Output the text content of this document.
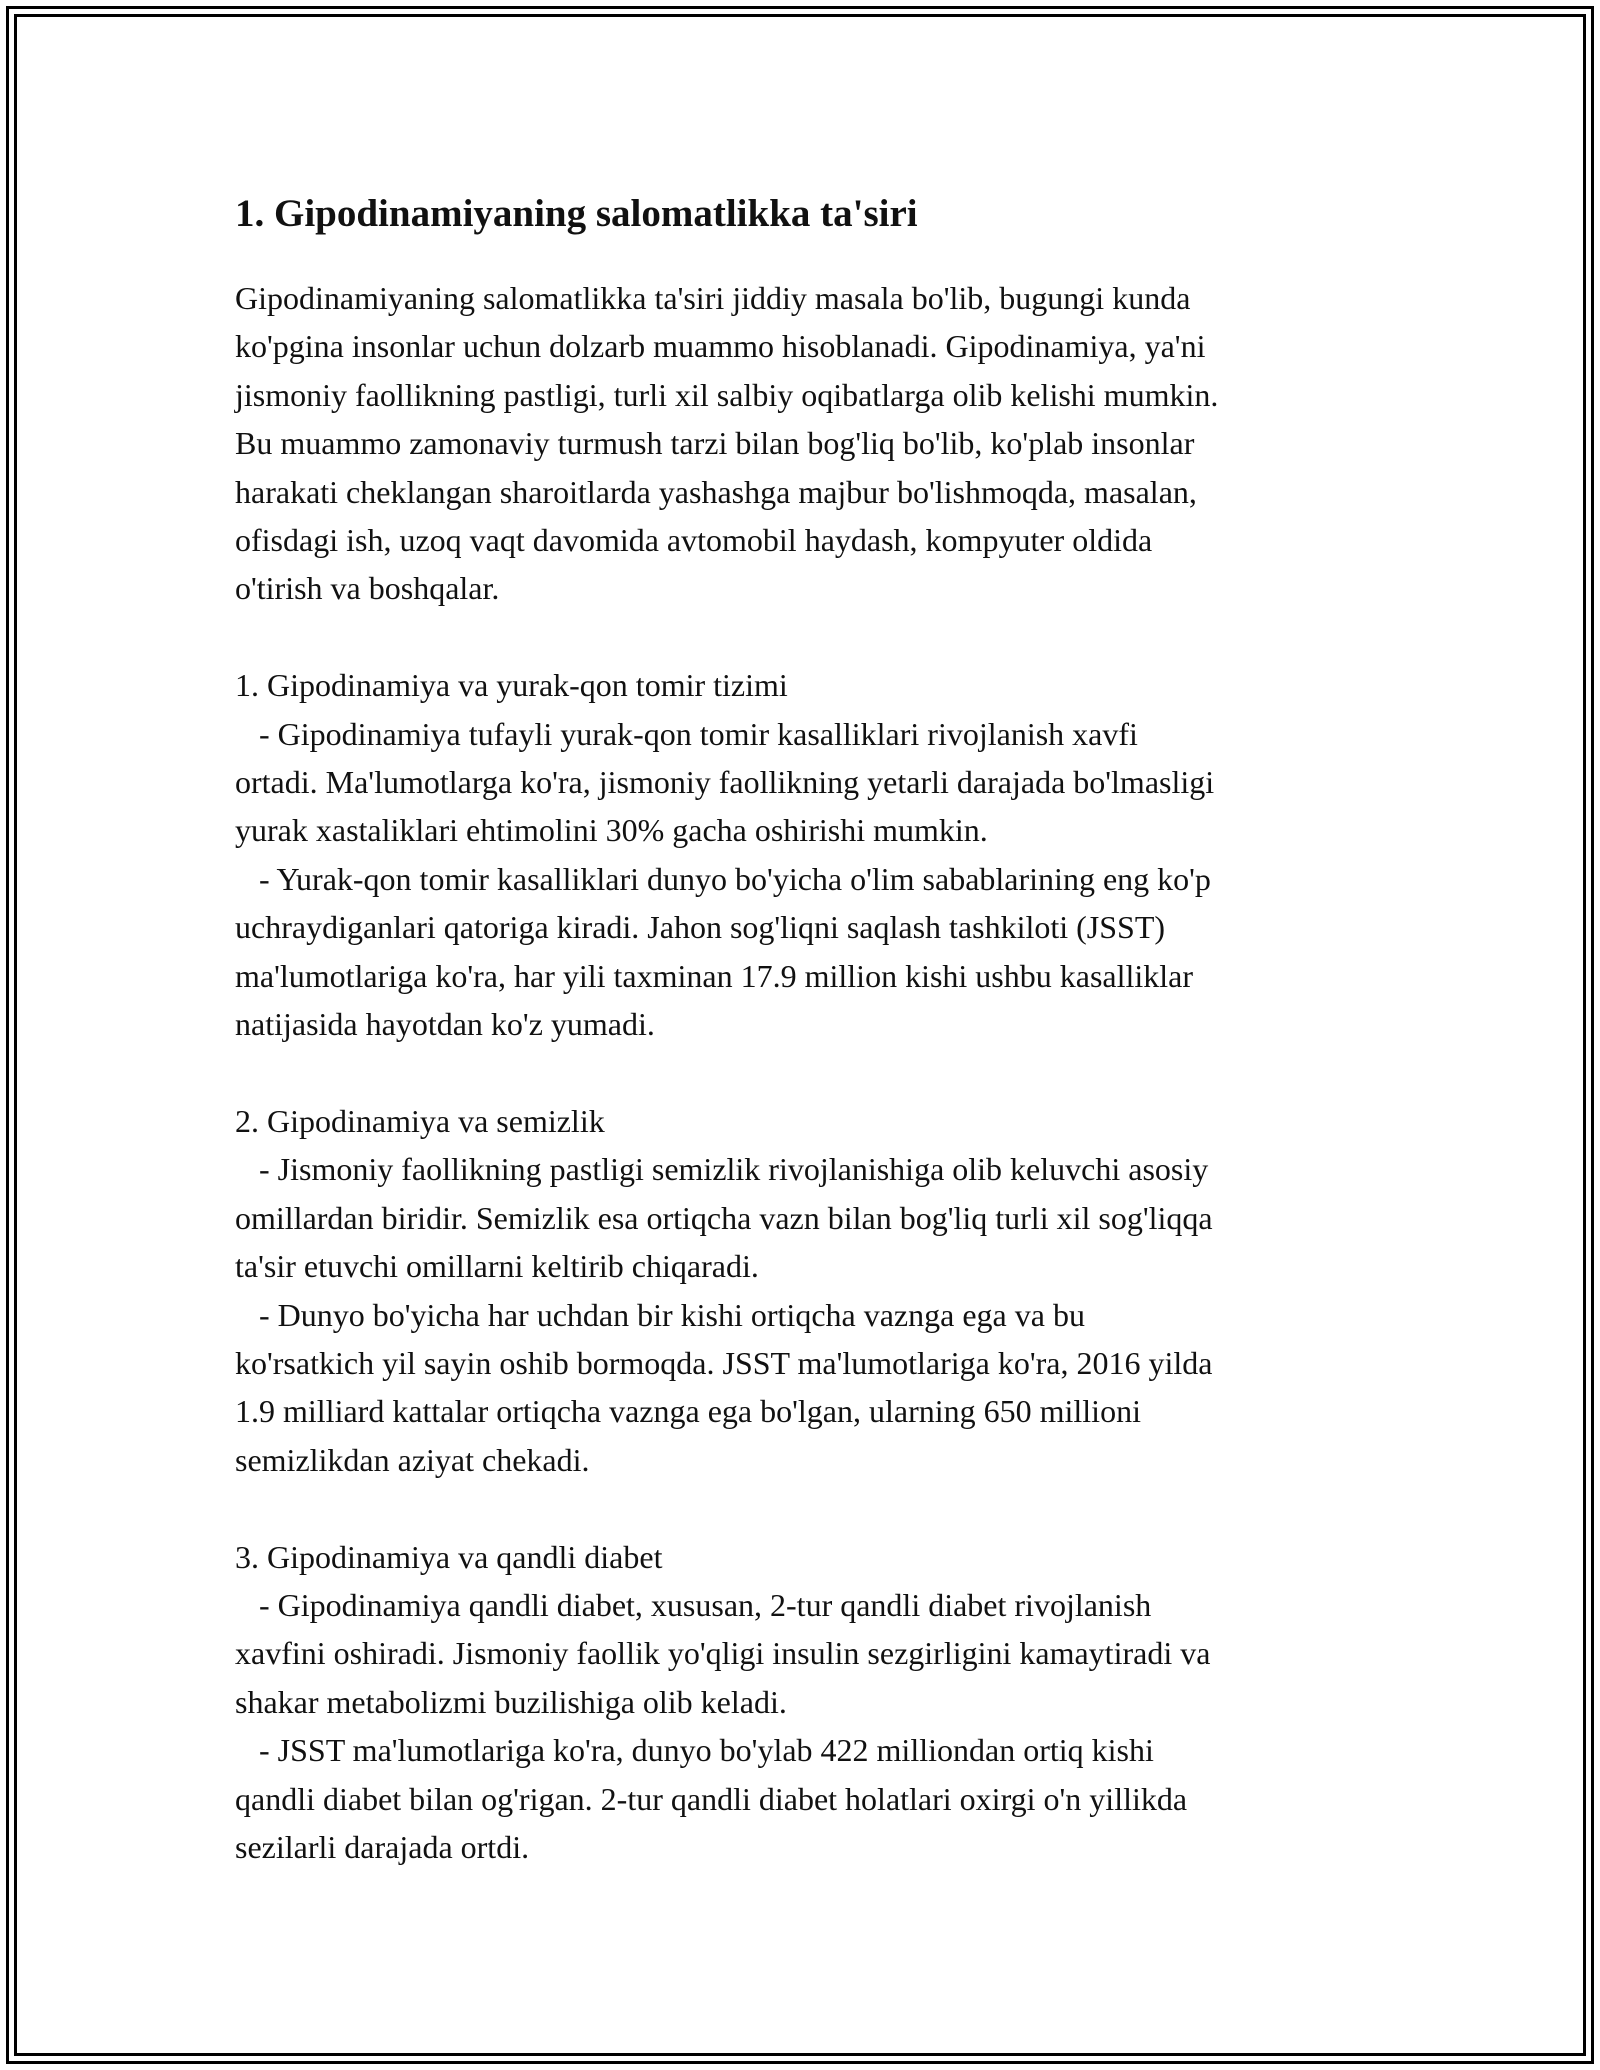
1. Gipodinamiyaning salomatlikka ta'siri

Gipodinamiyaning salomatlikka ta'siri jiddiy masala bo'lib, bugungi kunda
ko'pgina insonlar uchun dolzarb muammo hisoblanadi. Gipodinamiya, ya'ni
jismoniy faollikning pastligi, turli xil salbiy oqibatlarga olib kelishi mumkin.
Bu muammo zamonaviy turmush tarzi bilan bog'liq bo'lib, ko'plab insonlar
harakati cheklangan sharoitlarda yashashga majbur bo'lishmoqda, masalan,
ofisdagi ish, uzoq vaqt davomida avtomobil haydash, kompyuter oldida
o'tirish va boshqalar.

1. Gipodinamiya va yurak-qon tomir tizimi
- Gipodinamiya tufayli yurak-qon tomir kasalliklari rivojlanish xavfi
ortadi. Ma'lumotlarga ko'ra, jismoniy faollikning yetarli darajada bo'lmasligi
yurak xastaliklari ehtimolini 30% gacha oshirishi mumkin.
- Yurak-qon tomir kasalliklari dunyo bo'yicha o'lim sabablarining eng ko'p
uchraydiganlari qatoriga kiradi. Jahon sog'liqni saqlash tashkiloti (JSST)
ma'lumotlariga ko'ra, har yili taxminan 17.9 million kishi ushbu kasalliklar
natijasida hayotdan ko'z yumadi.

2. Gipodinamiya va semizlik
- Jismoniy faollikning pastligi semizlik rivojlanishiga olib keluvchi asosiy
omillardan biridir. Semizlik esa ortiqcha vazn bilan bog'liq turli xil sog'liqqa
ta'sir etuvchi omillarni keltirib chiqaradi.
- Dunyo bo'yicha har uchdan bir kishi ortiqcha vaznga ega va bu
ko'rsatkich yil sayin oshib bormoqda. JSST ma'lumotlariga ko'ra, 2016 yilda
1.9 milliard kattalar ortiqcha vaznga ega bo'lgan, ularning 650 millioni
semizlikdan aziyat chekadi.

3. Gipodinamiya va qandli diabet
- Gipodinamiya qandli diabet, xususan, 2-tur qandli diabet rivojlanish
xavfini oshiradi. Jismoniy faollik yo'qligi insulin sezgirligini kamaytiradi va
shakar metabolizmi buzilishiga olib keladi.
- JSST ma'lumotlariga ko'ra, dunyo bo'ylab 422 milliondan ortiq kishi
qandli diabet bilan og'rigan. 2-tur qandli diabet holatlari oxirgi o'n yillikda
sezilarli darajada ortdi.
